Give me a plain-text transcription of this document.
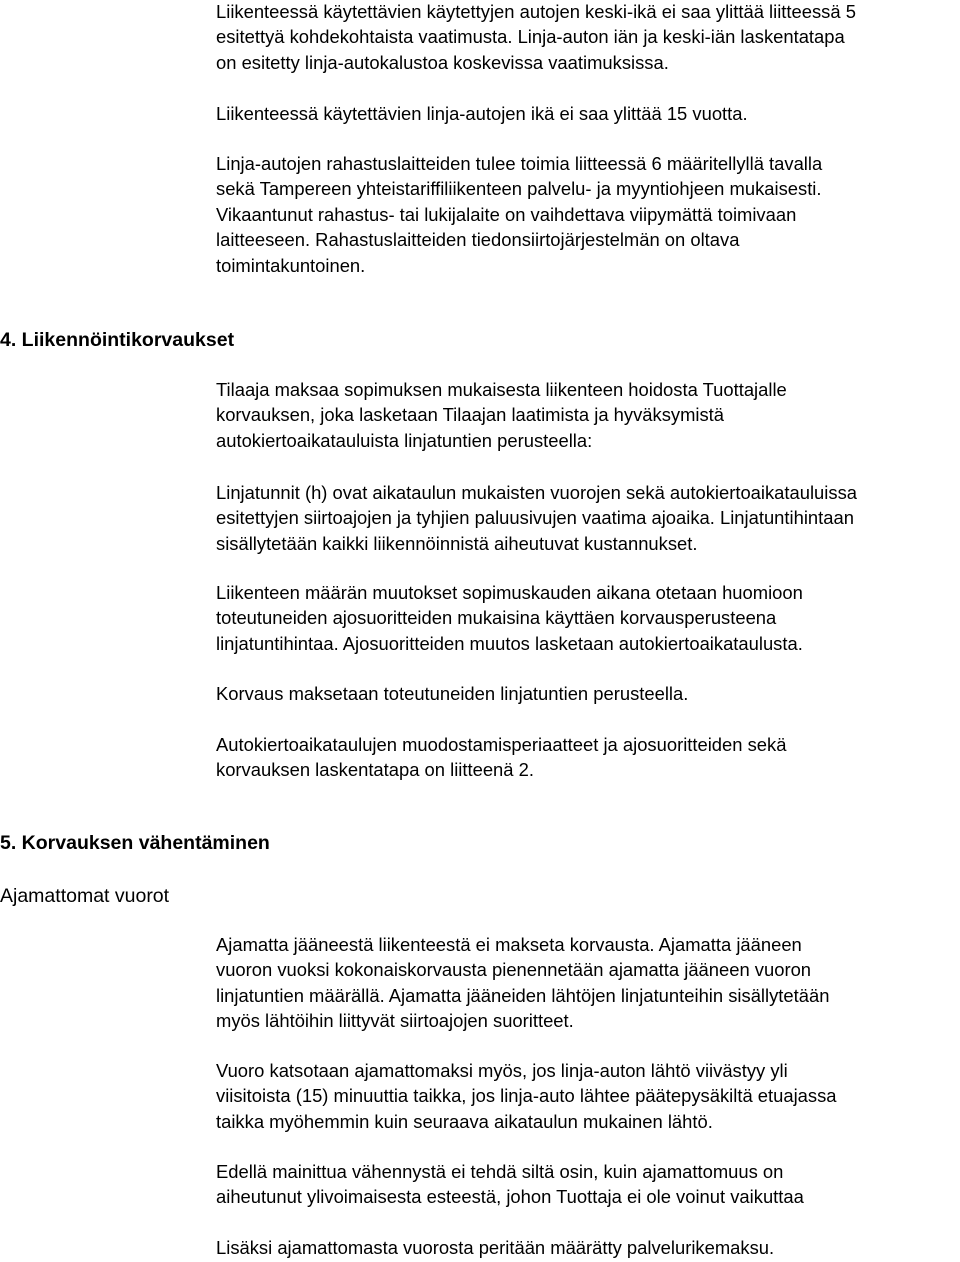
Liikenteessä käytettävien käytettyjen autojen keski-ikä ei saa ylittää liitteessä 5
esitettyä kohdekohtaista vaatimusta. Linja-auton iän ja keski-iän laskentatapa
on esitetty linja-autokalustoa koskevissa vaatimuksissa.

Liikenteessä käytettävien linja-autojen ikä ei saa ylittää 15 vuotta.

Linja-autojen rahastuslaitteiden tulee toimia liitteessä 6 määritellyllä tavalla
sekä Tampereen yhteistariffiliikenteen palvelu- ja myyntiohjeen mukaisesti.
Vikaantunut rahastus- tai lukijalaite on vaihdettava viipymättä toimivaan
laitteeseen. Rahastuslaitteiden tiedonsiirtojärjestelmän on oltava
toimintakuntoinen.

4. Liikennöintikorvaukset

Tilaaja maksaa sopimuksen mukaisesta liikenteen hoidosta Tuottajalle
korvauksen, joka lasketaan Tilaajan laatimista ja hyväksymistä
autokiertoaikatauluista linjatuntien perusteella:

Linjatunnit (h) ovat aikataulun mukaisten vuorojen sekä autokiertoaikatauluissa
esitettyjen siirtoajojen ja tyhjien paluusivujen vaatima ajoaika. Linjatuntihintaan
sisällytetään kaikki liikennöinnistä aiheutuvat kustannukset.

Liikenteen määrän muutokset sopimuskauden aikana otetaan huomioon
toteutuneiden ajosuoritteiden mukaisina käyttäen korvausperusteena
linjatuntihintaa. Ajosuoritteiden muutos lasketaan autokiertoaikataulusta.

Korvaus maksetaan toteutuneiden linjatuntien perusteella.

Autokiertoaikataulujen muodostamisperiaatteet ja ajosuoritteiden sekä
korvauksen laskentatapa on liitteenä 2.

5. Korvauksen vähentäminen
Ajamattomat vuorot

Ajamatta jääneestä liikenteestä ei makseta korvausta. Ajamatta jääneen
vuoron vuoksi kokonaiskorvausta pienennetään ajamatta jääneen vuoron
linjatuntien määrällä. Ajamatta jääneiden lähtöjen linjatunteihin sisällytetään
myös lähtöihin liittyvät siirtoajojen suoritteet.

Vuoro katsotaan ajamattomaksi myös, jos linja-auton lähtö viivästyy yli
viisitoista (15) minuuttia taikka, jos linja-auto lähtee päätepysäkiltä etuajassa
taikka myöhemmin kuin seuraava aikataulun mukainen lähtö.

Edellä mainittua vähennystä ei tehdä siltä osin, kuin ajamattomuus on
aiheutunut ylivoimaisesta esteestä, johon Tuottaja ei ole voinut vaikuttaa

Lisäksi ajamattomasta vuorosta peritään määrätty palvelurikemaksu.
